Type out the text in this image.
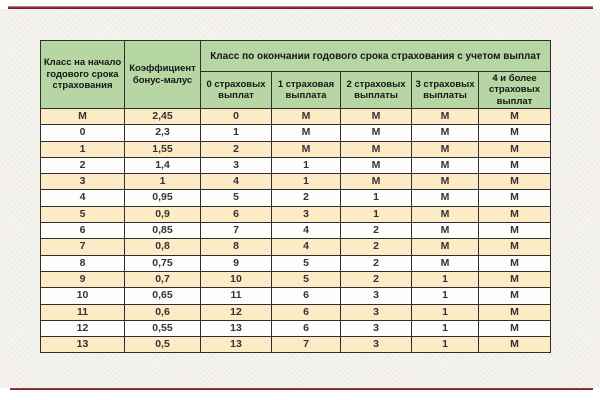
Класс на начало годового срока страхования	Коэффициент бонус-малус	Класс по окончании годового срока страхования с учетом выплат				
		0 страховых выплат	1 страховая выплата	2 страховых выплаты	3 страховых выплаты	4 и более страховых выплат
М	2,45	0	М	М	М	М
0	2,3	1	М	М	М	М
1	1,55	2	М	М	М	М
2	1,4	3	1	М	М	М
3	1	4	1	М	М	М
4	0,95	5	2	1	М	М
5	0,9	6	3	1	М	М
6	0,85	7	4	2	М	М
7	0,8	8	4	2	М	М
8	0,75	9	5	2	М	М
9	0,7	10	5	2	1	М
10	0,65	11	6	3	1	М
11	0,6	12	6	3	1	М
12	0,55	13	6	3	1	М
13	0,5	13	7	3	1	М
